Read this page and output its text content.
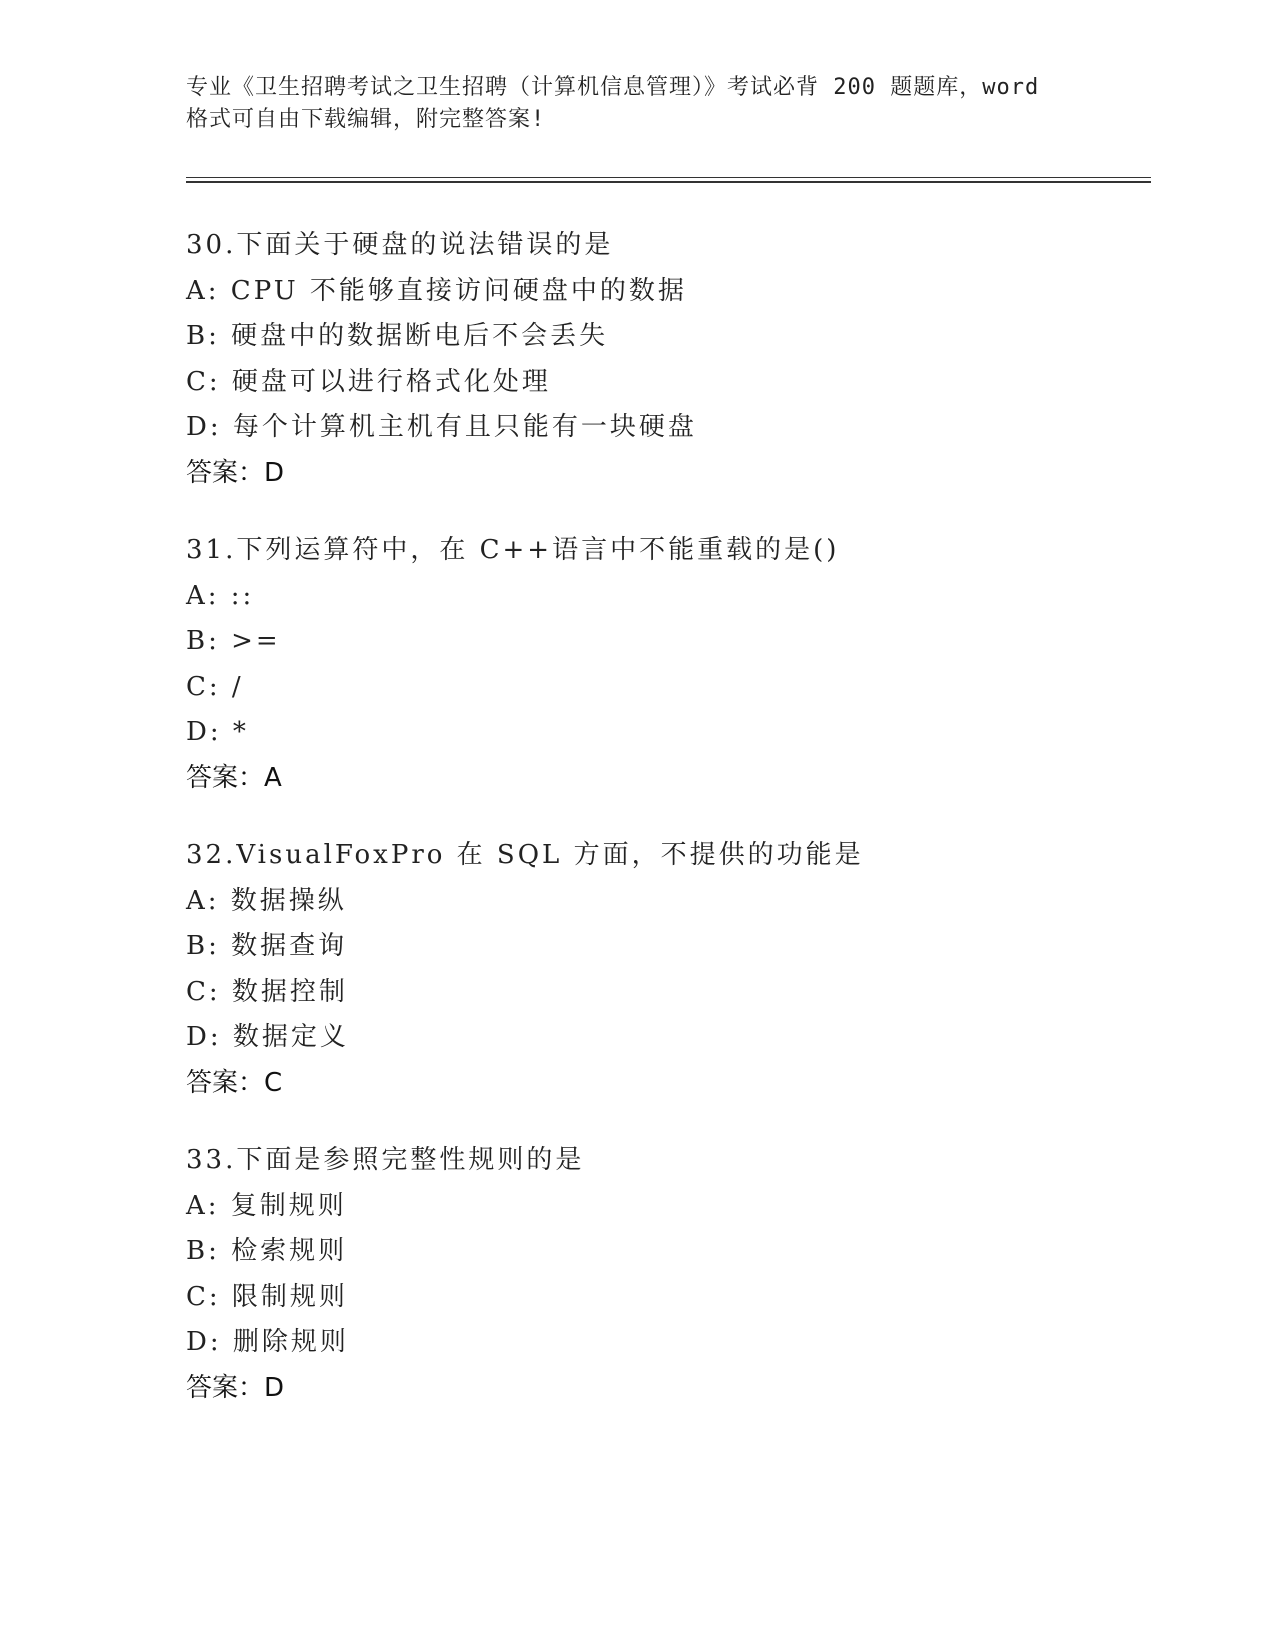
专业《卫生招聘考试之卫生招聘（计算机信息管理）》考试必背 200 题题库，word
格式可自由下载编辑，附完整答案!
30.下面关于硬盘的说法错误的是
A: CPU 不能够直接访问硬盘中的数据
B: 硬盘中的数据断电后不会丢失
C: 硬盘可以进行格式化处理
D: 每个计算机主机有且只能有一块硬盘
答案：D
31.下列运算符中，在 C++语言中不能重载的是()
A: ::
B: >=
C: /
D: *
答案：A
32.VisualFoxPro 在 SQL 方面，不提供的功能是
A: 数据操纵
B: 数据查询
C: 数据控制
D: 数据定义
答案：C
33.下面是参照完整性规则的是
A: 复制规则
B: 检索规则
C: 限制规则
D: 删除规则
答案：D
